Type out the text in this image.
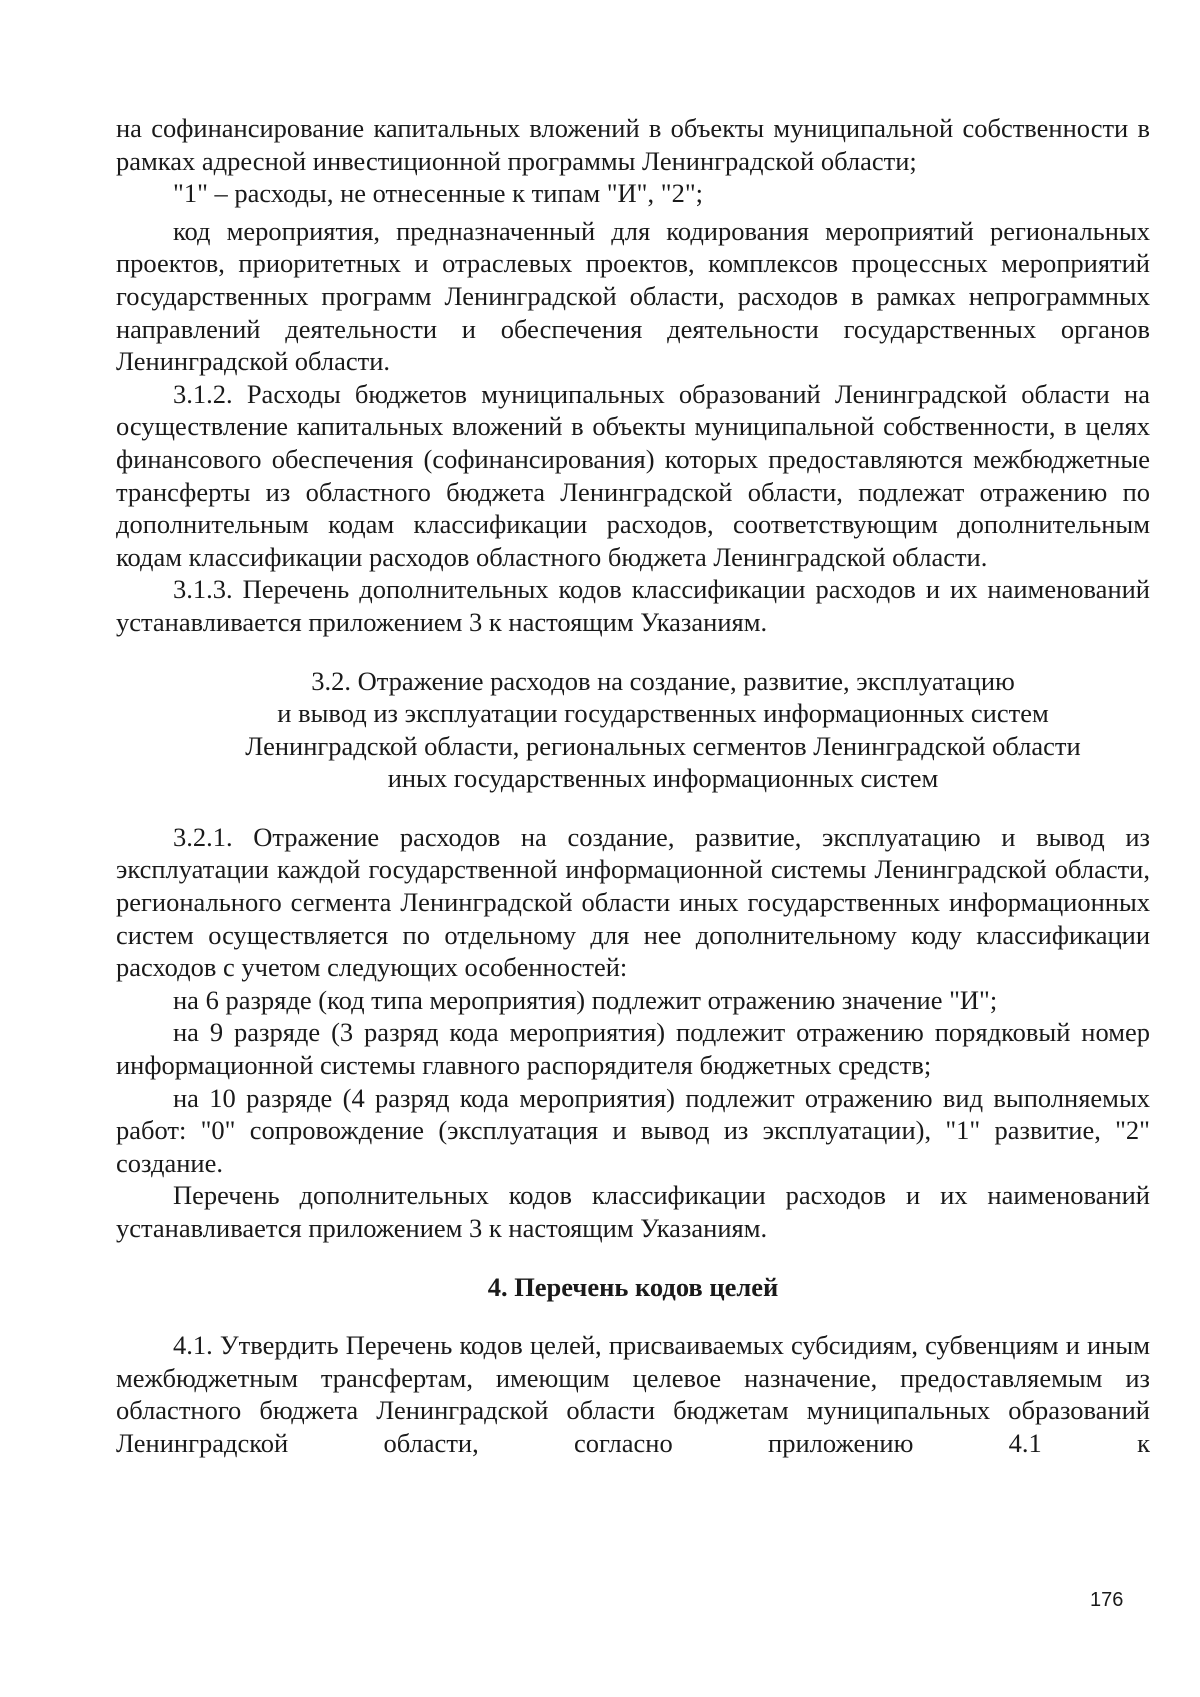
на софинансирование капитальных вложений в объекты муниципальной собственности в рамках адресной инвестиционной программы Ленинградской области;

"1" – расходы, не отнесенные к типам "И", "2";

код мероприятия, предназначенный для кодирования мероприятий региональных проектов, приоритетных и отраслевых проектов, комплексов процессных мероприятий государственных программ Ленинградской области, расходов в рамках непрограммных направлений деятельности и обеспечения деятельности государственных органов Ленинградской области.

3.1.2. Расходы бюджетов муниципальных образований Ленинградской области на осуществление капитальных вложений в объекты муниципальной собственности, в целях финансового обеспечения (софинансирования) которых предоставляются межбюджетные трансферты из областного бюджета Ленинградской области, подлежат отражению по дополнительным кодам классификации расходов, соответствующим дополнительным кодам классификации расходов областного бюджета Ленинградской области.

3.1.3. Перечень дополнительных кодов классификации расходов и их наименований устанавливается приложением 3 к настоящим Указаниям.

3.2. Отражение расходов на создание, развитие, эксплуатацию
и вывод из эксплуатации государственных информационных систем
Ленинградской области, региональных сегментов Ленинградской области
иных государственных информационных систем

3.2.1. Отражение расходов на создание, развитие, эксплуатацию и вывод из эксплуатации каждой государственной информационной системы Ленинградской области, регионального сегмента Ленинградской области иных государственных информационных систем осуществляется по отдельному для нее дополнительному коду классификации расходов с учетом следующих особенностей:

на 6 разряде (код типа мероприятия) подлежит отражению значение "И";

на 9 разряде (3 разряд кода мероприятия) подлежит отражению порядковый номер информационной системы главного распорядителя бюджетных средств;

на 10 разряде (4 разряд кода мероприятия) подлежит отражению вид выполняемых работ: "0" сопровождение (эксплуатация и вывод из эксплуатации), "1" развитие, "2" создание.

Перечень дополнительных кодов классификации расходов и их наименований устанавливается приложением 3 к настоящим Указаниям.

4. Перечень кодов целей

4.1. Утвердить Перечень кодов целей, присваиваемых субсидиям, субвенциям и иным межбюджетным трансфертам, имеющим целевое назначение, предоставляемым из областного бюджета Ленинградской области бюджетам муниципальных образований Ленинградской области, согласно приложению 4.1 к

176
